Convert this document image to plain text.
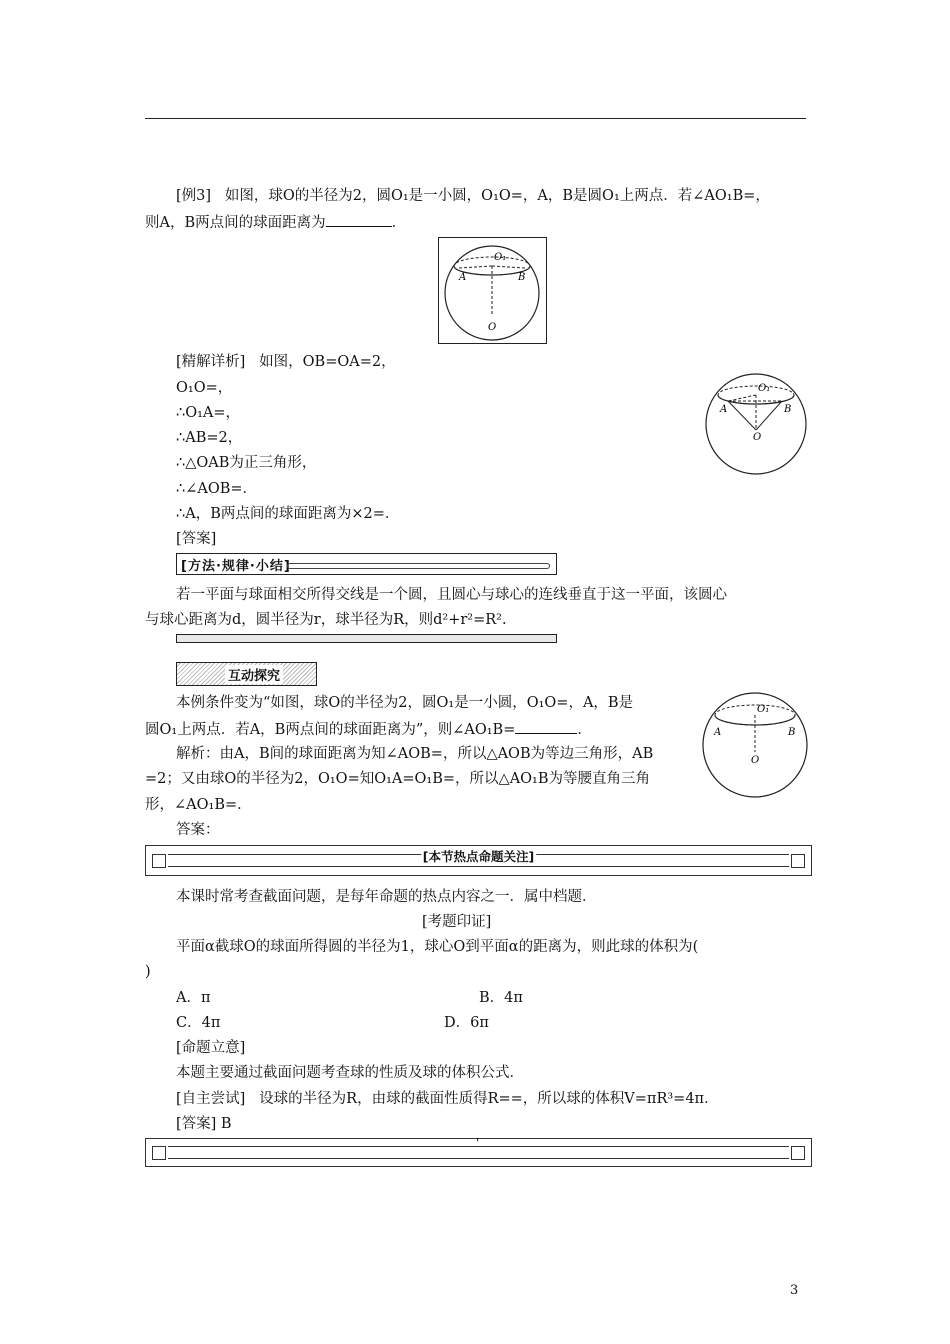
[例3] 如图，球O的半径为2，圆O₁是一小圆，O₁O=，A，B是圆O₁上两点．若∠AO₁B=，
则A，B两点间的球面距离为	．
O₁
A	B
O
[精解详析] 如图，OB=OA=2，
O₁O=，
∴O₁A=，
∴AB=2，
∴△OAB为正三角形，
∴∠AOB=．
∴A，B两点间的球面距离为×2=．
[答案]
O₁
A	B
O
[方法·规律·小结]
若一平面与球面相交所得交线是一个圆，且圆心与球心的连线垂直于这一平面，该圆心
与球心距离为d，圆半径为r，球半径为R，则d²+r²=R².
互动探究
本例条件变为“如图，球O的半径为2，圆O₁是一小圆，O₁O=，A，B是
圆O₁上两点．若A，B两点间的球面距离为”，则∠AO₁B=	．
解析：由A，B间的球面距离为知∠AOB=，所以△AOB为等边三角形，AB
=2；又由球O的半径为2，O₁O=知O₁A=O₁B=，所以△AO₁B为等腰直角三角
形，∠AO₁B=．
答案：
O₁
A	B
O
[本节热点命题关注]
本课时常考查截面问题，是每年命题的热点内容之一．属中档题．
[考题印证]
平面α截球O的球面所得圆的半径为1，球心O到平面α的距离为，则此球的体积为(
)
A．π	B．4π
C．4π	D．6π
[命题立意]
本题主要通过截面问题考查球的性质及球的体积公式．
[自主尝试] 设球的半径为R，由球的截面性质得R==，所以球的体积V=πR³=4π．
[答案] B
'
3
